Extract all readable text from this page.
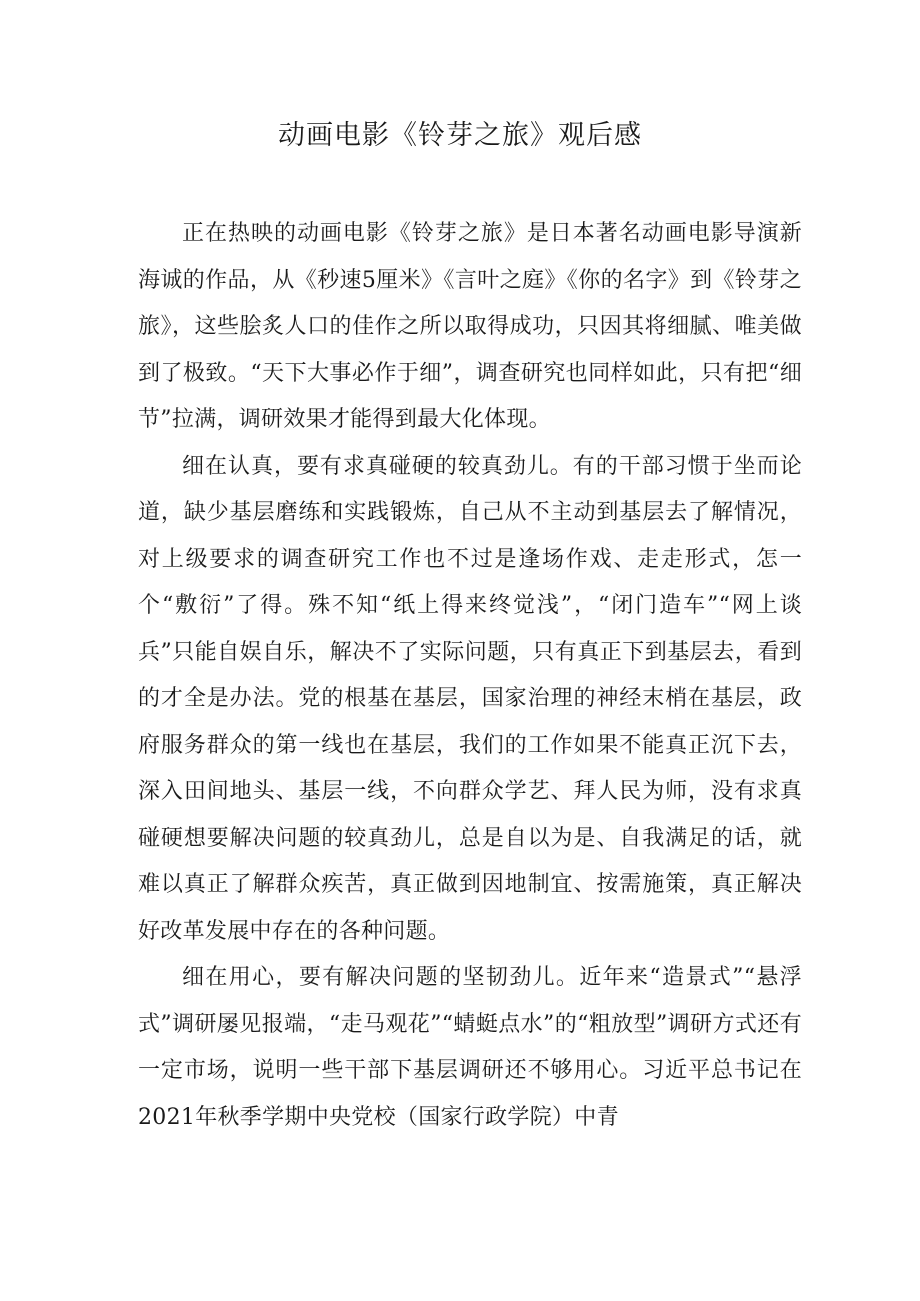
动画电影《铃芽之旅》观后感

正在热映的动画电影《铃芽之旅》是日本著名动画电影导演新海诚的作品，从《秒速5厘米》《言叶之庭》《你的名字》到《铃芽之旅》，这些脍炙人口的佳作之所以取得成功，只因其将细腻、唯美做到了极致。“天下大事必作于细”，调查研究也同样如此，只有把“细节”拉满，调研效果才能得到最大化体现。

细在认真，要有求真碰硬的较真劲儿。有的干部习惯于坐而论道，缺少基层磨练和实践锻炼，自己从不主动到基层去了解情况，对上级要求的调查研究工作也不过是逢场作戏、走走形式，怎一个“敷衍”了得。殊不知“纸上得来终觉浅”，“闭门造车”“网上谈兵”只能自娱自乐，解决不了实际问题，只有真正下到基层去，看到的才全是办法。党的根基在基层，国家治理的神经末梢在基层，政府服务群众的第一线也在基层，我们的工作如果不能真正沉下去，深入田间地头、基层一线，不向群众学艺、拜人民为师，没有求真碰硬想要解决问题的较真劲儿，总是自以为是、自我满足的话，就难以真正了解群众疾苦，真正做到因地制宜、按需施策，真正解决好改革发展中存在的各种问题。

细在用心，要有解决问题的坚韧劲儿。近年来“造景式”“悬浮式”调研屡见报端，“走马观花”“蜻蜓点水”的“粗放型”调研方式还有一定市场，说明一些干部下基层调研还不够用心。习近平总书记在2021年秋季学期中央党校（国家行政学院）中青
